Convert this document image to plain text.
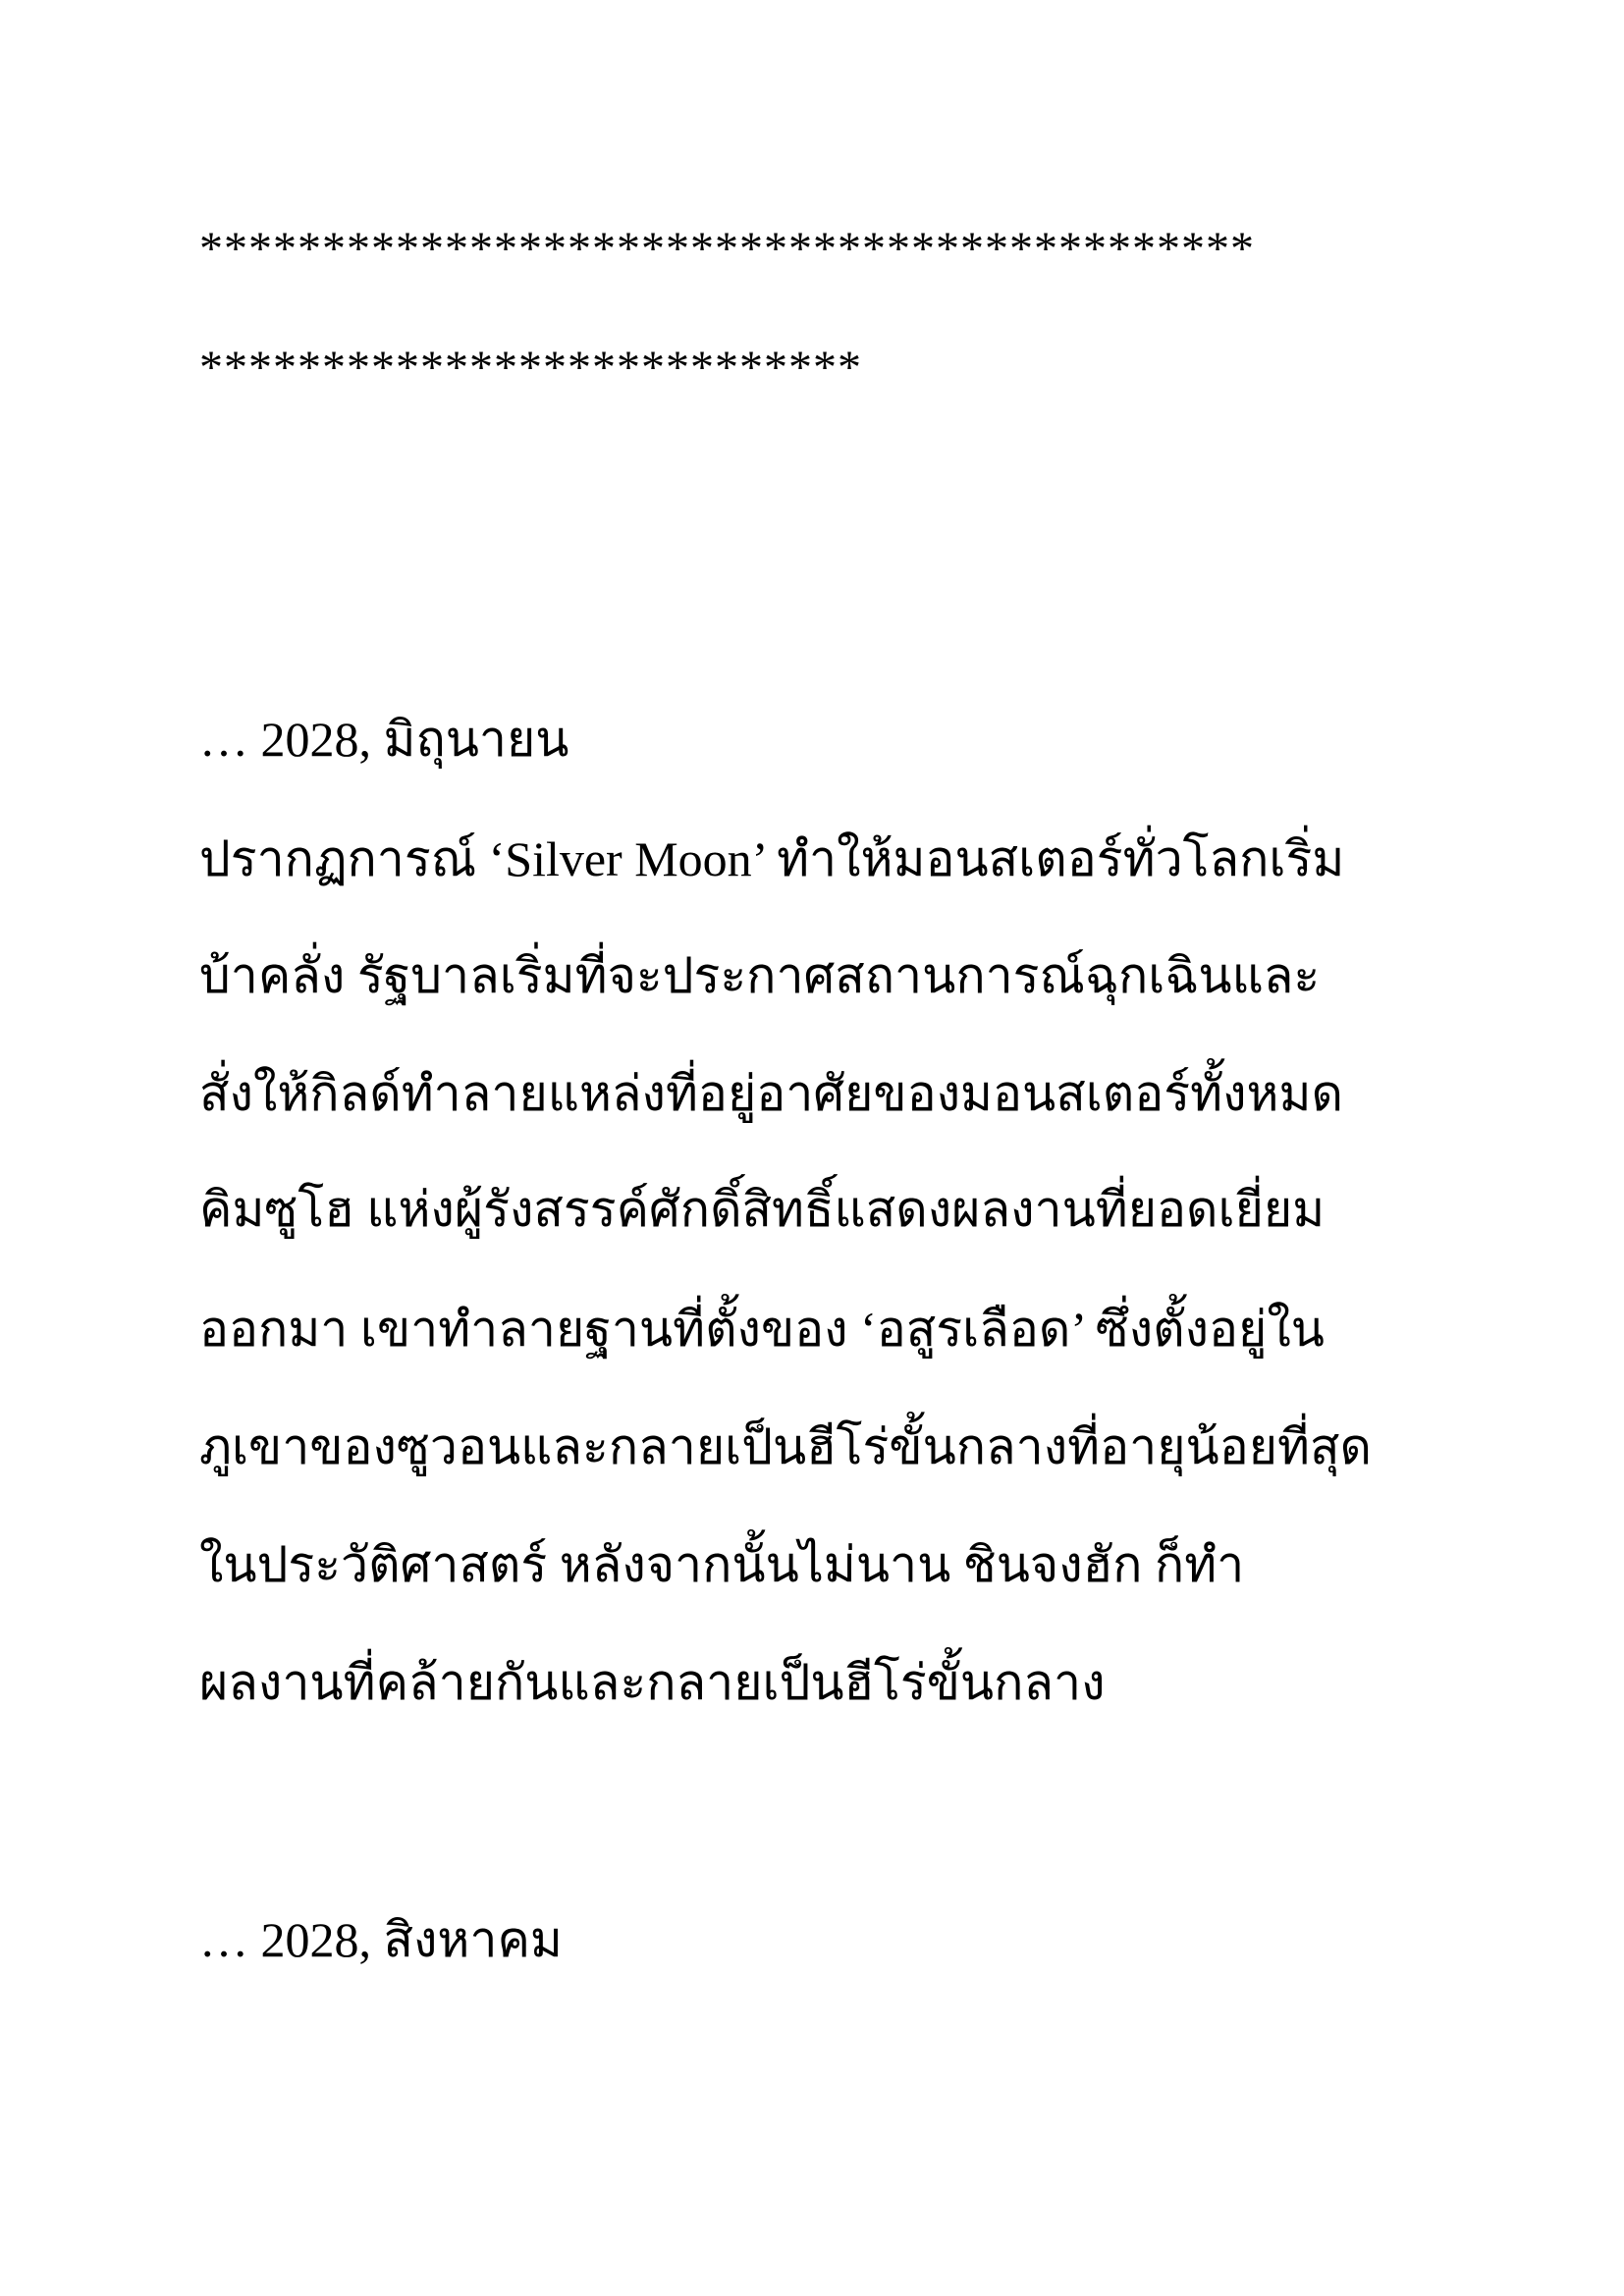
*******************************************
***************************
… 2028, มิถุนายน
ปรากฏการณ์ ‘Silver Moon’ ทำให้มอนสเตอร์ทั่วโลกเริ่ม
บ้าคลั่ง รัฐบาลเริ่มที่จะประกาศสถานการณ์ฉุกเฉินและ
สั่งให้กิลด์ทำลายแหล่งที่อยู่อาศัยของมอนสเตอร์ทั้งหมด
คิมซูโฮ แห่งผู้รังสรรค์ศักดิ์สิทธิ์แสดงผลงานที่ยอดเยี่ยม
ออกมา เขาทำลายฐานที่ตั้งของ ‘อสูรเลือด’ ซึ่งตั้งอยู่ใน
ภูเขาของซูวอนและกลายเป็นฮีโร่ขั้นกลางที่อายุน้อยที่สุด
ในประวัติศาสตร์ หลังจากนั้นไม่นาน ชินจงฮัก ก็ทำ
ผลงานที่คล้ายกันและกลายเป็นฮีโร่ขั้นกลาง
… 2028, สิงหาคม
